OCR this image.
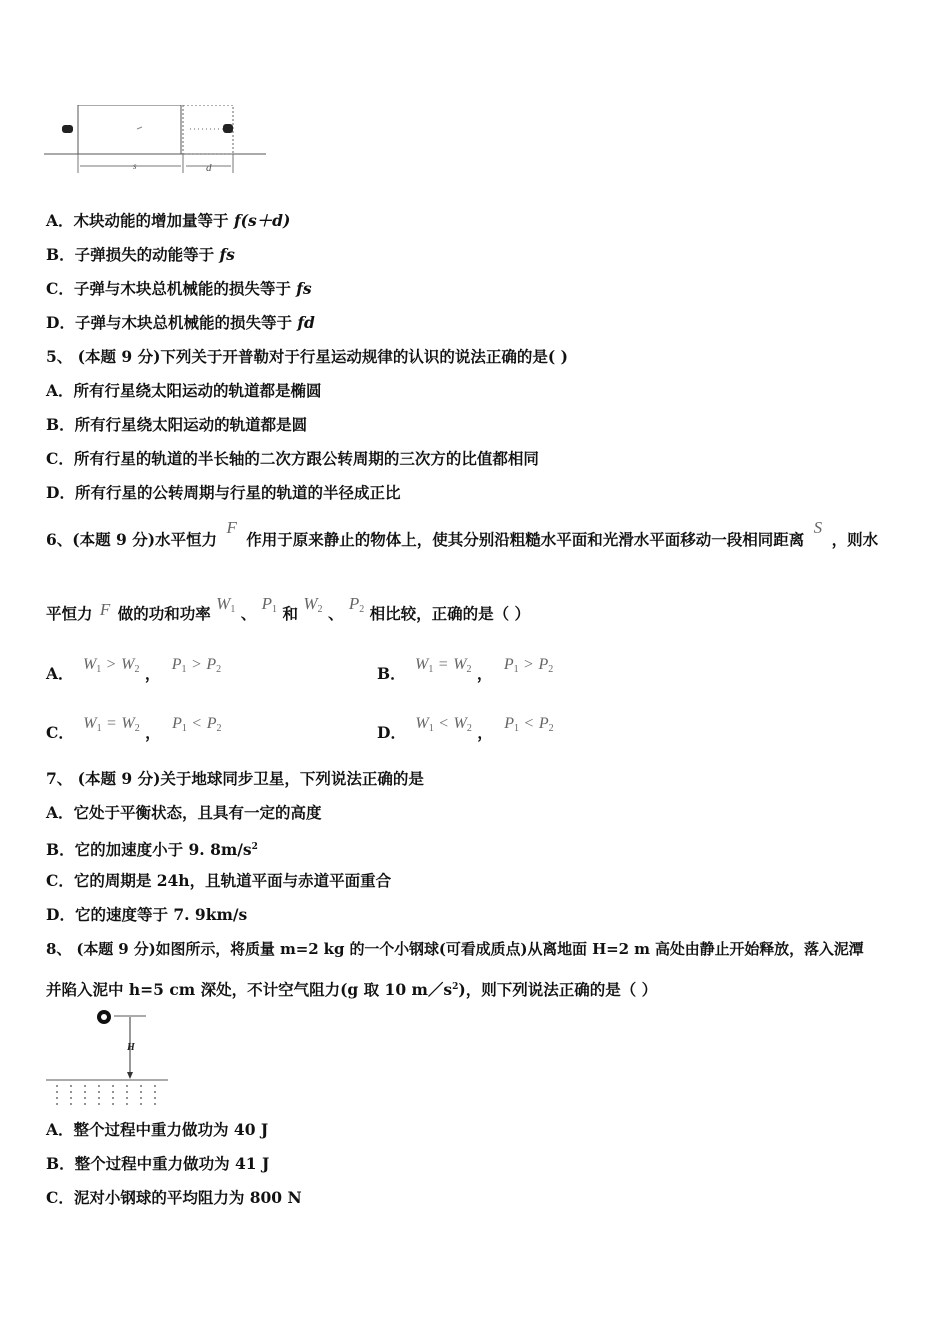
s	d
A．木块动能的增加量等于 f(s＋d)
B．子弹损失的动能等于 fs
C．子弹与木块总机械能的损失等于 fs
D．子弹与木块总机械能的损失等于 fd
5、 (本题 9 分)下列关于开普勒对于行星运动规律的认识的说法正确的是( )
A．所有行星绕太阳运动的轨道都是椭圆
B．所有行星绕太阳运动的轨道都是圆
C．所有行星的轨道的半长轴的二次方跟公转周期的三次方的比值都相同
D．所有行星的公转周期与行星的轨道的半径成正比
6、(本题 9 分)水平恒力 F 作用于原来静止的物体上，使其分别沿粗糙水平面和光滑水平面移动一段相同距离 S ，则水
平恒力 F 做的功和功率 $W_1$ 、 $P_1$ 和 $W_2$ 、 $P_2$ 相比较，正确的是（ ）
A． $W_1 > W_2$ ， $P_1 > P_2$	B． $W_1 = W_2$ ， $P_1 > P_2$
C． $W_1 = W_2$ ， $P_1 < P_2$	D． $W_1 < W_2$ ， $P_1 < P_2$
7、 (本题 9 分)关于地球同步卫星，下列说法正确的是
A．它处于平衡状态，且具有一定的高度
B．它的加速度小于 9. $8m/s^2$
C．它的周期是 24h，且轨道平面与赤道平面重合
D．它的速度等于 7. 9km/s
8、 (本题 9 分)如图所示，将质量 m=2 kg 的一个小钢球(可看成质点)从离地面 H=2 m 高处由静止开始释放，落入泥潭
并陷入泥中 h=5 cm 深处，不计空气阻力(g 取 10 $m/s^2$)，则下列说法正确的是（ ）
H
A．整个过程中重力做功为 40 J
B．整个过程中重力做功为 41 J
C．泥对小钢球的平均阻力为 800 N
